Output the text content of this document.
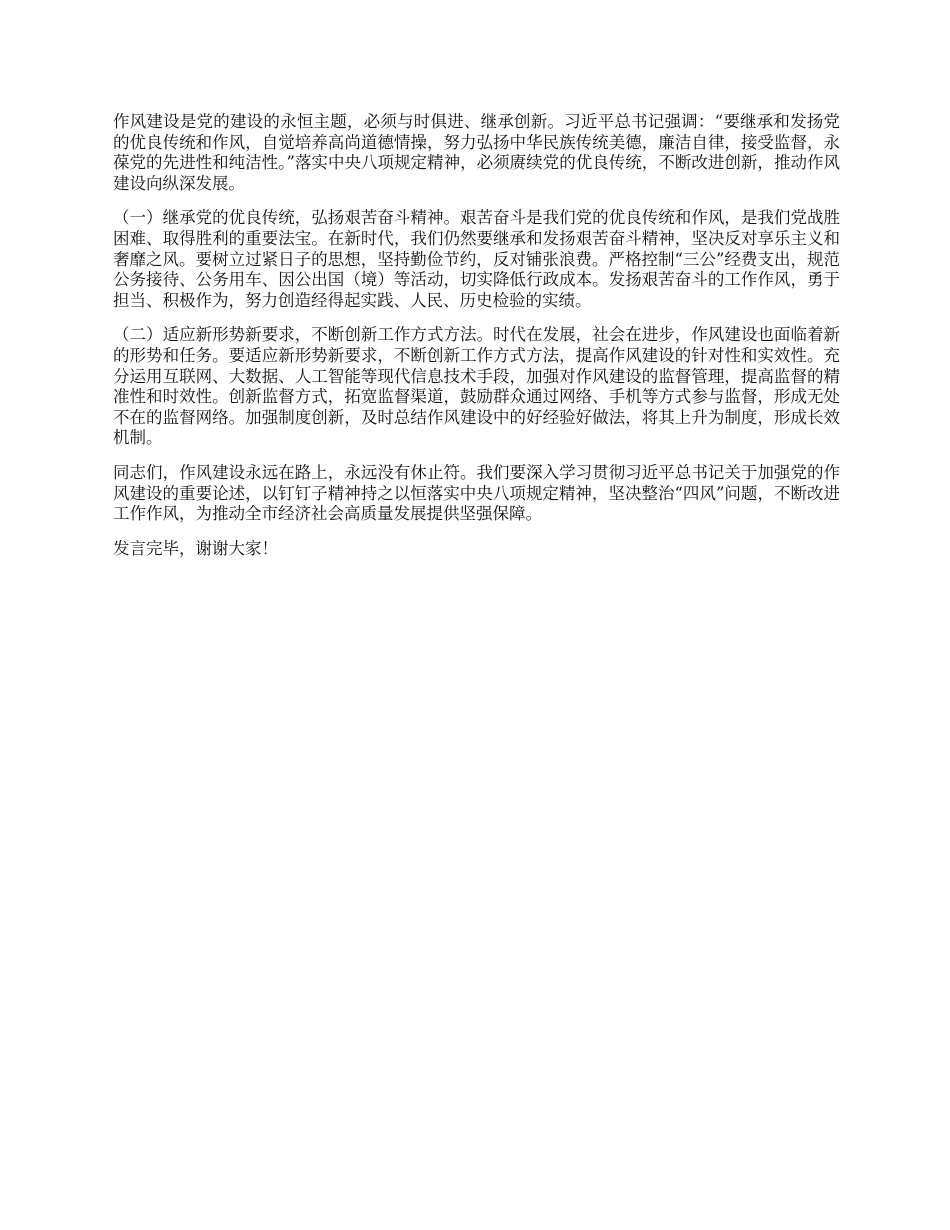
作风建设是党的建设的永恒主题，必须与时俱进、继承创新。习近平总书记强调：“要继承和发扬党的优良传统和作风，自觉培养高尚道德情操，努力弘扬中华民族传统美德，廉洁自律，接受监督，永葆党的先进性和纯洁性。”落实中央八项规定精神，必须赓续党的优良传统，不断改进创新，推动作风建设向纵深发展。

（一）继承党的优良传统，弘扬艰苦奋斗精神。艰苦奋斗是我们党的优良传统和作风，是我们党战胜困难、取得胜利的重要法宝。在新时代，我们仍然要继承和发扬艰苦奋斗精神，坚决反对享乐主义和奢靡之风。要树立过紧日子的思想，坚持勤俭节约，反对铺张浪费。严格控制“三公”经费支出，规范公务接待、公务用车、因公出国（境）等活动，切实降低行政成本。发扬艰苦奋斗的工作作风，勇于担当、积极作为，努力创造经得起实践、人民、历史检验的实绩。

（二）适应新形势新要求，不断创新工作方式方法。时代在发展，社会在进步，作风建设也面临着新的形势和任务。要适应新形势新要求，不断创新工作方式方法，提高作风建设的针对性和实效性。充分运用互联网、大数据、人工智能等现代信息技术手段，加强对作风建设的监督管理，提高监督的精准性和时效性。创新监督方式，拓宽监督渠道，鼓励群众通过网络、手机等方式参与监督，形成无处不在的监督网络。加强制度创新，及时总结作风建设中的好经验好做法，将其上升为制度，形成长效机制。

同志们，作风建设永远在路上，永远没有休止符。我们要深入学习贯彻习近平总书记关于加强党的作风建设的重要论述，以钉钉子精神持之以恒落实中央八项规定精神，坚决整治“四风”问题，不断改进工作作风，为推动全市经济社会高质量发展提供坚强保障。

发言完毕，谢谢大家！
